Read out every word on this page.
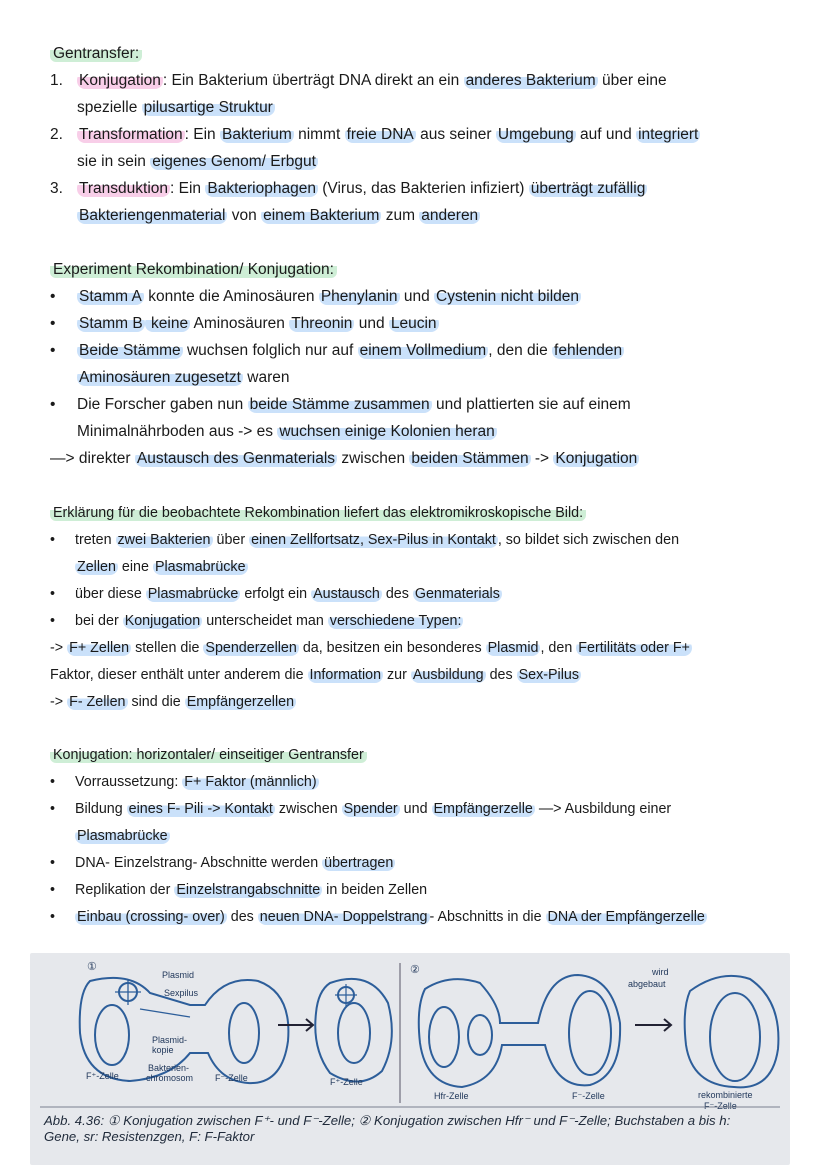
Gentransfer:
1.	Konjugation : Ein Bakterium überträgt DNA direkt an ein anderes Bakterium über eine
spezielle pilusartige Struktur
2.	Transformation : Ein Bakterium nimmt freie DNA aus seiner Umgebung auf und integriert
sie in sein eigenes Genom/ Erbgut
3.	Transduktion : Ein Bakteriophagen (Virus, das Bakterien infiziert) überträgt zufällig
Bakteriengenmaterial von einem Bakterium zum anderen
Experiment Rekombination/ Konjugation:
•	Stamm A konnte die Aminosäuren Phenylanin und Cystenin nicht bilden
•	Stamm B keine Aminosäuren Threonin und Leucin
•	Beide Stämme wuchsen folglich nur auf einem Vollmedium , den die fehlenden
Aminosäuren zugesetzt waren
•	Die Forscher gaben nun beide Stämme zusammen und plattierten sie auf einem
Minimalnährboden aus -> es wuchsen einige Kolonien heran
—> direkter Austausch des Genmaterials zwischen beiden Stämmen -> Konjugation
Erklärung für die beobachtete Rekombination liefert das elektromikroskopische Bild:
•	treten zwei Bakterien über einen Zellfortsatz, Sex-Pilus in Kontakt , so bildet sich zwischen den
Zellen eine Plasmabrücke
•	über diese Plasmabrücke erfolgt ein Austausch des Genmaterials
•	bei der Konjugation unterscheidet man verschiedene Typen:
-> F+ Zellen stellen die Spenderzellen da, besitzen ein besonderes Plasmid , den Fertilitäts oder F+
Faktor, dieser enthält unter anderem die Information zur Ausbildung des Sex-Pilus
-> F- Zellen sind die Empfängerzellen
Konjugation: horizontaler/ einseitiger Gentransfer
•	Vorraussetzung: F+ Faktor (männlich)
•	Bildung eines F- Pili -> Kontakt zwischen Spender und Empfängerzelle —> Ausbildung einer
Plasmabrücke
•	DNA- Einzelstrang- Abschnitte werden übertragen
•	Replikation der Einzelstrangabschnitte in beiden Zellen
•	Einbau (crossing- over) des neuen DNA- Doppelstrang - Abschnitts in die DNA der Empfängerzelle
①	②
Plasmid
Sexpilus
Plasmid-
kopie
Bakterien-
chromosom
F⁺-Zelle	F⁻-Zelle	F⁺-Zelle
Hfr-Zelle	F⁻-Zelle
wird
abgebaut
rekombinierte
F⁻-Zelle
Abb. 4.36: ① Konjugation zwischen F⁺- und F⁻-Zelle; ② Konjugation zwischen Hfr⁻ und F⁻-Zelle; Buchstaben a bis h:
Gene, sr: Resistenzgen, F: F-Faktor
